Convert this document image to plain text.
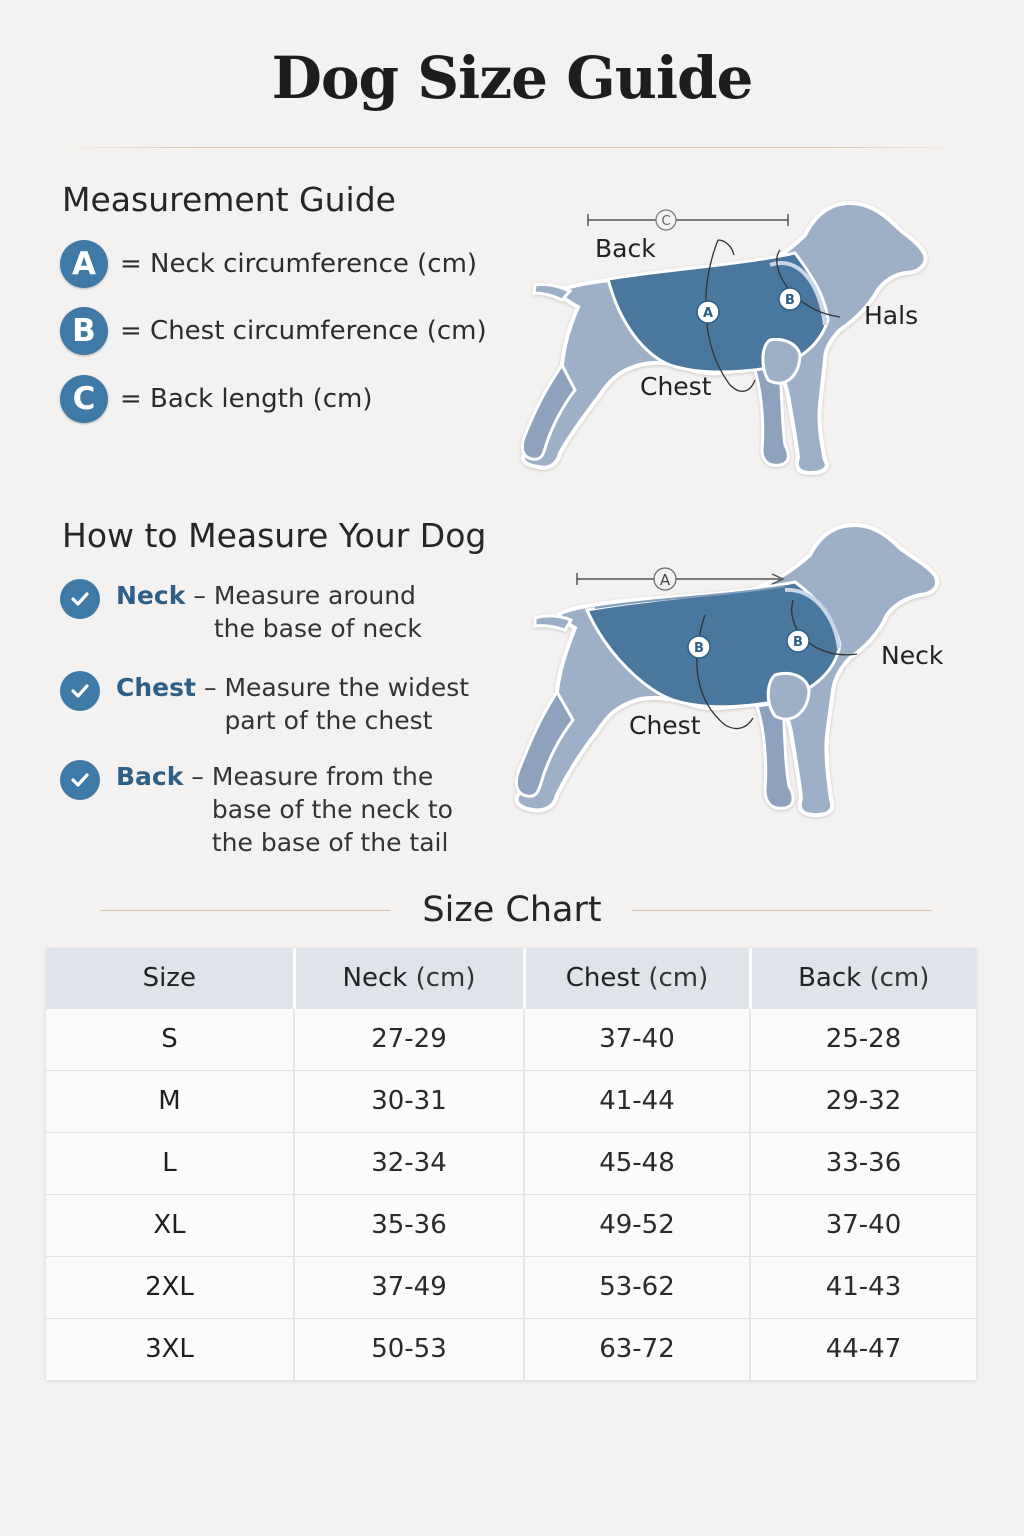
Dog Size Guide
Measurement Guide
A = Neck circumference (cm)
B = Chest circumference (cm)
C = Back length (cm)
C
Back
Chest
Hals
A
B
How to Measure Your Dog
Neck – Measure around
the base of neck
Chest – Measure the widest
part of the chest
Back – Measure from the
base of the neck to
the base of the tail
A
Chest
Neck
B	B
Size Chart
Size	Neck (cm)	Chest (cm)	Back (cm)
S	27-29	37-40	25-28
M	30-31	41-44	29-32
L	32-34	45-48	33-36
XL	35-36	49-52	37-40
2XL	37-49	53-62	41-43
3XL	50-53	63-72	44-47
